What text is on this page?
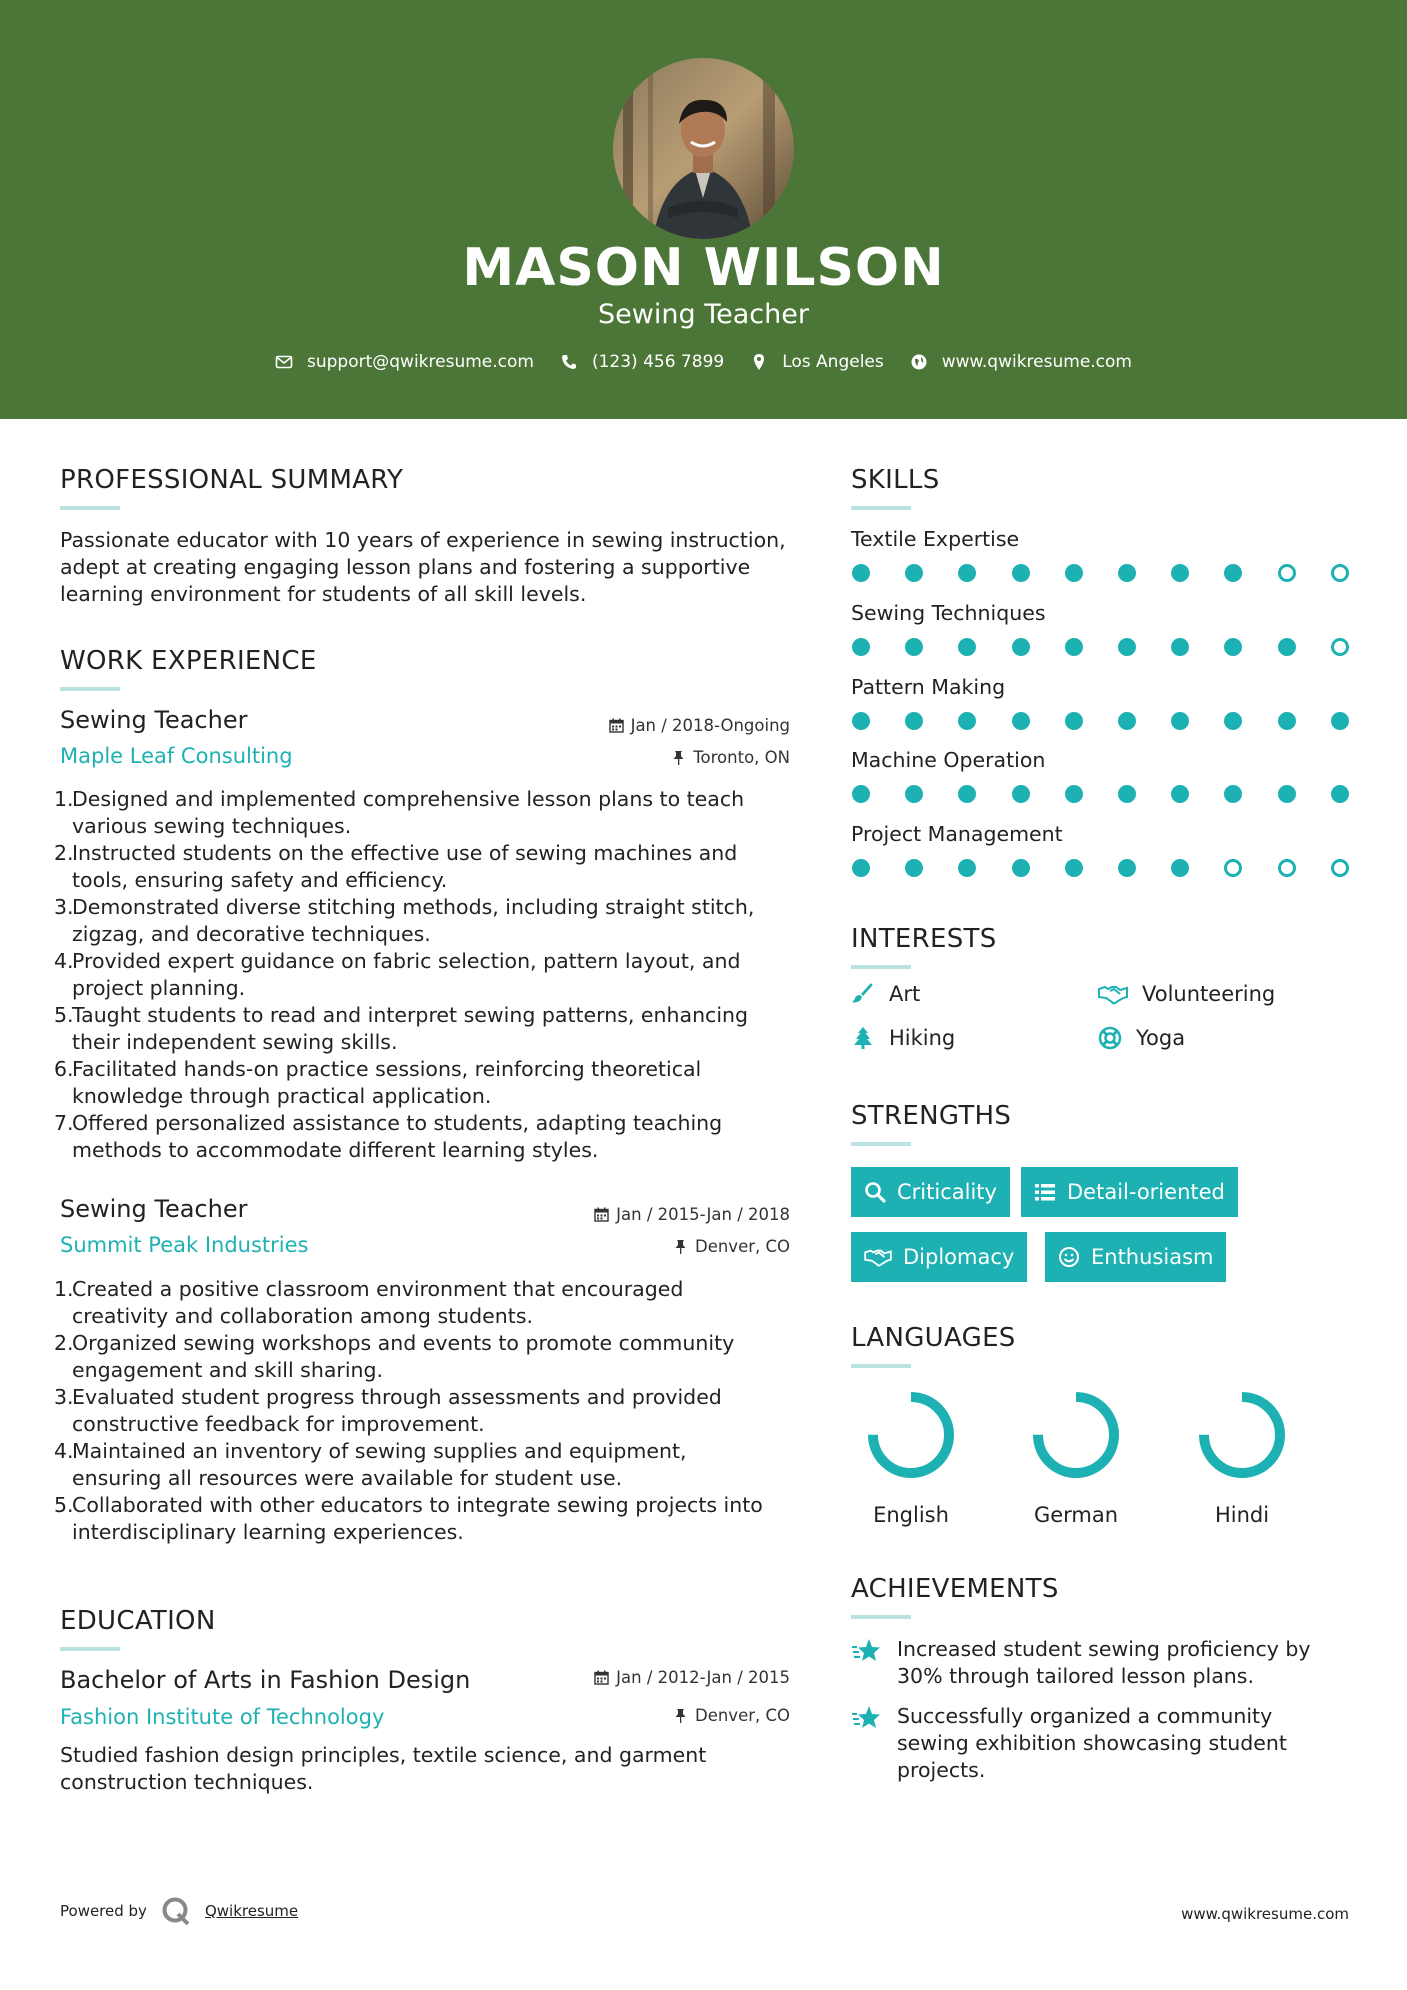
MASON WILSON
Sewing Teacher
support@qwikresume.com	(123) 456 7899	Los Angeles	www.qwikresume.com
PROFESSIONAL SUMMARY
Passionate educator with 10 years of experience in sewing instruction,
adept at creating engaging lesson plans and fostering a supportive
learning environment for students of all skill levels.
WORK EXPERIENCE
Sewing Teacher	Jan / 2018-Ongoing
Maple Leaf Consulting	Toronto, ON
1.
Designed and implemented comprehensive lesson plans to teach
various sewing techniques.
2.
Instructed students on the effective use of sewing machines and
tools, ensuring safety and efficiency.
3.
Demonstrated diverse stitching methods, including straight stitch,
zigzag, and decorative techniques.
4.
Provided expert guidance on fabric selection, pattern layout, and
project planning.
5.
Taught students to read and interpret sewing patterns, enhancing
their independent sewing skills.
6.
Facilitated hands-on practice sessions, reinforcing theoretical
knowledge through practical application.
7.
Offered personalized assistance to students, adapting teaching
methods to accommodate different learning styles.
Sewing Teacher	Jan / 2015-Jan / 2018
Summit Peak Industries	Denver, CO
1.
Created a positive classroom environment that encouraged
creativity and collaboration among students.
2.
Organized sewing workshops and events to promote community
engagement and skill sharing.
3.
Evaluated student progress through assessments and provided
constructive feedback for improvement.
4.
Maintained an inventory of sewing supplies and equipment,
ensuring all resources were available for student use.
5.
Collaborated with other educators to integrate sewing projects into
interdisciplinary learning experiences.
EDUCATION
Bachelor of Arts in Fashion Design	Jan / 2012-Jan / 2015
Fashion Institute of Technology	Denver, CO
Studied fashion design principles, textile science, and garment
construction techniques.
SKILLS
Textile Expertise
Sewing Techniques
Pattern Making
Machine Operation
Project Management
INTERESTS
Art	Volunteering
Hiking	Yoga
STRENGTHS
Criticality	Detail-oriented
Diplomacy	Enthusiasm
LANGUAGES
English	German	Hindi
ACHIEVEMENTS
Increased student sewing proficiency by
30% through tailored lesson plans.
Successfully organized a community
sewing exhibition showcasing student
projects.
Powered by	Qwikresume	www.qwikresume.com
